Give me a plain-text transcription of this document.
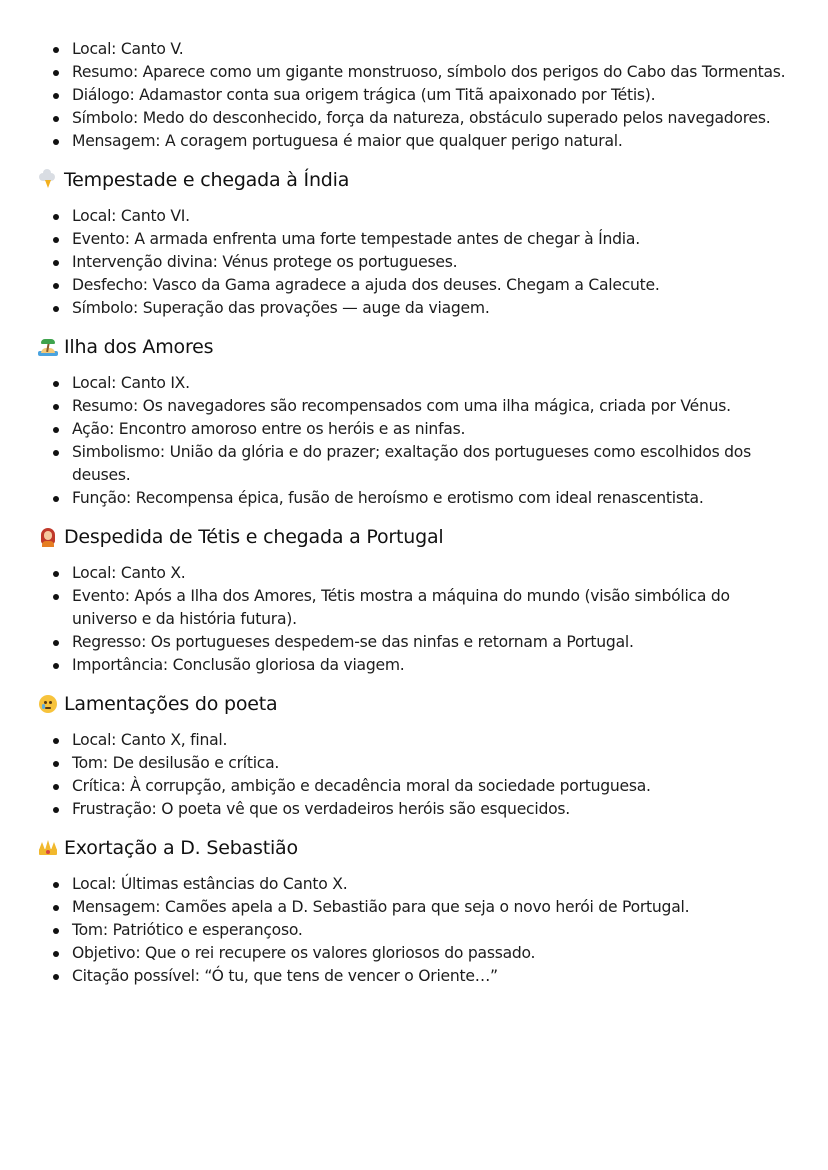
Local: Canto V.
Resumo: Aparece como um gigante monstruoso, símbolo dos perigos do Cabo das Tormentas.
Diálogo: Adamastor conta sua origem trágica (um Titã apaixonado por Tétis).
Símbolo: Medo do desconhecido, força da natureza, obstáculo superado pelos navegadores.
Mensagem: A coragem portuguesa é maior que qualquer perigo natural.
Tempestade e chegada à Índia
Local: Canto VI.
Evento: A armada enfrenta uma forte tempestade antes de chegar à Índia.
Intervenção divina: Vénus protege os portugueses.
Desfecho: Vasco da Gama agradece a ajuda dos deuses. Chegam a Calecute.
Símbolo: Superação das provações — auge da viagem.
Ilha dos Amores
Local: Canto IX.
Resumo: Os navegadores são recompensados com uma ilha mágica, criada por Vénus.
Ação: Encontro amoroso entre os heróis e as ninfas.
Simbolismo: União da glória e do prazer; exaltação dos portugueses como escolhidos dos deuses.
Função: Recompensa épica, fusão de heroísmo e erotismo com ideal renascentista.
Despedida de Tétis e chegada a Portugal
Local: Canto X.
Evento: Após a Ilha dos Amores, Tétis mostra a máquina do mundo (visão simbólica do universo e da história futura).
Regresso: Os portugueses despedem-se das ninfas e retornam a Portugal.
Importância: Conclusão gloriosa da viagem.
Lamentações do poeta
Local: Canto X, final.
Tom: De desilusão e crítica.
Crítica: À corrupção, ambição e decadência moral da sociedade portuguesa.
Frustração: O poeta vê que os verdadeiros heróis são esquecidos.
Exortação a D. Sebastião
Local: Últimas estâncias do Canto X.
Mensagem: Camões apela a D. Sebastião para que seja o novo herói de Portugal.
Tom: Patriótico e esperançoso.
Objetivo: Que o rei recupere os valores gloriosos do passado.
Citação possível: “Ó tu, que tens de vencer o Oriente…”
